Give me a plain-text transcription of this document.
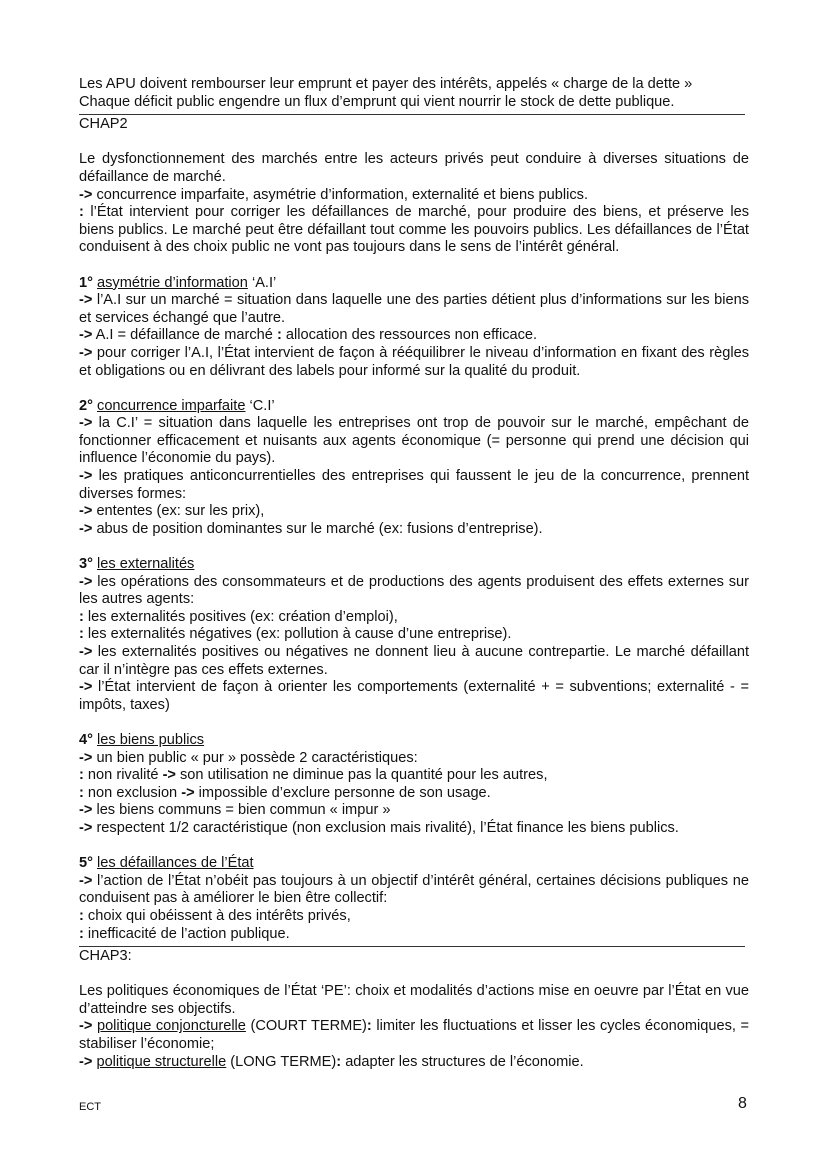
Les APU doivent rembourser leur emprunt et payer des intérêts, appelés « charge de la dette »

Chaque déficit public engendre un flux d’emprunt qui vient nourrir le stock de dette publique.

CHAP2

Le dysfonctionnement des marchés entre les acteurs privés peut conduire à diverses situations de défaillance de marché.

-> concurrence imparfaite, asymétrie d’information, externalité et biens publics.

: l’État intervient pour corriger les défaillances de marché, pour produire des biens, et préserve les biens publics. Le marché peut être défaillant tout comme les pouvoirs publics. Les défaillances de l’État conduisent à des choix public ne vont pas toujours dans le sens de l’intérêt général.

1° asymétrie d’information ‘A.I’

-> l’A.I sur un marché = situation dans laquelle une des parties détient plus d’informations sur les biens et services échangé que l’autre.

-> A.I = défaillance de marché : allocation des ressources non efficace.

-> pour corriger l’A.I, l’État intervient de façon à rééquilibrer le niveau d’information en fixant des règles et obligations ou en délivrant des labels pour informé sur la qualité du produit.

2° concurrence imparfaite ‘C.I’

-> la C.I’ = situation dans laquelle les entreprises ont trop de pouvoir sur le marché, empêchant de fonctionner efficacement et nuisants aux agents économique (= personne qui prend une décision qui influence l’économie du pays).

-> les pratiques anticoncurrentielles des entreprises qui faussent le jeu de la concurrence, prennent diverses formes:

-> ententes (ex: sur les prix),

-> abus de position dominantes sur le marché (ex: fusions d’entreprise).

3° les externalités

-> les opérations des consommateurs et de productions des agents produisent des effets externes sur les autres agents:

: les externalités positives (ex: création d’emploi),

: les externalités négatives (ex: pollution à cause d’une entreprise).

-> les externalités positives ou négatives ne donnent lieu à aucune contrepartie. Le marché défaillant car il n’intègre pas ces effets externes.

-> l’État intervient de façon à orienter les comportements (externalité + = subventions; externalité - = impôts, taxes)

4° les biens publics

-> un bien public « pur » possède 2 caractéristiques:

: non rivalité -> son utilisation ne diminue pas la quantité pour les autres,

: non exclusion -> impossible d’exclure personne de son usage.

-> les biens communs = bien commun « impur »

-> respectent 1/2 caractéristique (non exclusion mais rivalité), l’État finance les biens publics.

5° les défaillances de l’État

-> l’action de l’État n’obéit pas toujours à un objectif d’intérêt général, certaines décisions publiques ne conduisent pas à améliorer le bien être collectif:

: choix qui obéissent à des intérêts privés,

: inefficacité de l’action publique.

CHAP3:

Les politiques économiques de l’État ‘PE’: choix et modalités d’actions mise en oeuvre par l’État en vue d’atteindre ses objectifs.

-> politique conjoncturelle (COURT TERME): limiter les fluctuations et lisser les cycles économiques, = stabiliser l’économie;

-> politique structurelle (LONG TERME): adapter les structures de l’économie.

ECT	8
